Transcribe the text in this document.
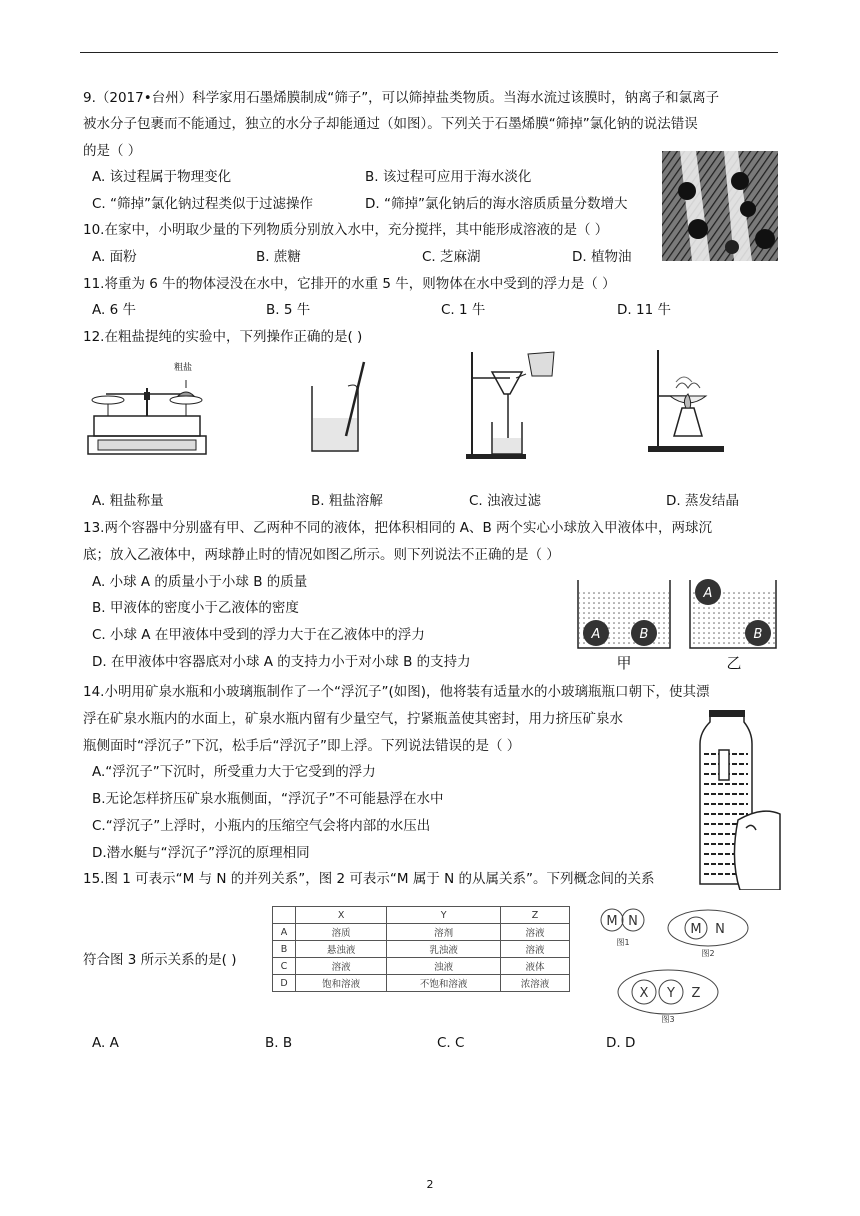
9.（2017•台州）科学家用石墨烯膜制成“筛子”，可以筛掉盐类物质。当海水流过该膜时，钠离子和氯离子
被水分子包裹而不能通过，独立的水分子却能通过（如图）。下列关于石墨烯膜“筛掉”氯化钠的说法错误
的是（ ）
A. 该过程属于物理变化	B. 该过程可应用于海水淡化
C. “筛掉”氯化钠过程类似于过滤操作	D. “筛掉”氯化钠后的海水溶质质量分数增大
10.在家中，小明取少量的下列物质分别放入水中，充分搅拌，其中能形成溶液的是（ ）
A. 面粉	B. 蔗糖	C. 芝麻湖	D. 植物油
11.将重为 6 牛的物体浸没在水中，它排开的水重 5 牛，则物体在水中受到的浮力是（ ）
A. 6 牛	B. 5 牛	C. 1 牛	D. 11 牛
12.在粗盐提纯的实验中，下列操作正确的是( )
粗盐
A. 粗盐称量	B. 粗盐溶解	C. 浊液过滤	D. 蒸发结晶
13.两个容器中分别盛有甲、乙两种不同的液体，把体积相同的 A、B 两个实心小球放入甲液体中，两球沉
底；放入乙液体中，两球静止时的情况如图乙所示。则下列说法不正确的是（ ）
A. 小球 A 的质量小于小球 B 的质量
B. 甲液体的密度小于乙液体的密度
C. 小球 A 在甲液体中受到的浮力大于在乙液体中的浮力
D. 在甲液体中容器底对小球 A 的支持力小于对小球 B 的支持力
A	B
A
B
甲	乙
14.小明用矿泉水瓶和小玻璃瓶制作了一个“浮沉子”(如图)，他将装有适量水的小玻璃瓶瓶口朝下，使其漂
浮在矿泉水瓶内的水面上，矿泉水瓶内留有少量空气，拧紧瓶盖使其密封，用力挤压矿泉水
瓶侧面时“浮沉子”下沉，松手后“浮沉子”即上浮。下列说法错误的是（ ）
A.“浮沉子”下沉时，所受重力大于它受到的浮力
B.无论怎样挤压矿泉水瓶侧面，“浮沉子”不可能悬浮在水中
C.“浮沉子”上浮时，小瓶内的压缩空气会将内部的水压出
D.潜水艇与“浮沉子”浮沉的原理相同
15.图 1 可表示“M 与 N 的并列关系”，图 2 可表示“M 属于 N 的从属关系”。下列概念间的关系
符合图 3 所示关系的是( )
	X	Y	Z
A	溶质	溶剂	溶液
B	悬浊液	乳浊液	溶液
C	溶液	浊液	液体
D	饱和溶液	不饱和溶液	浓溶液
M N
图1
M N
图2
X Y Z
图3
A. A	B. B	C. C	D. D
2
